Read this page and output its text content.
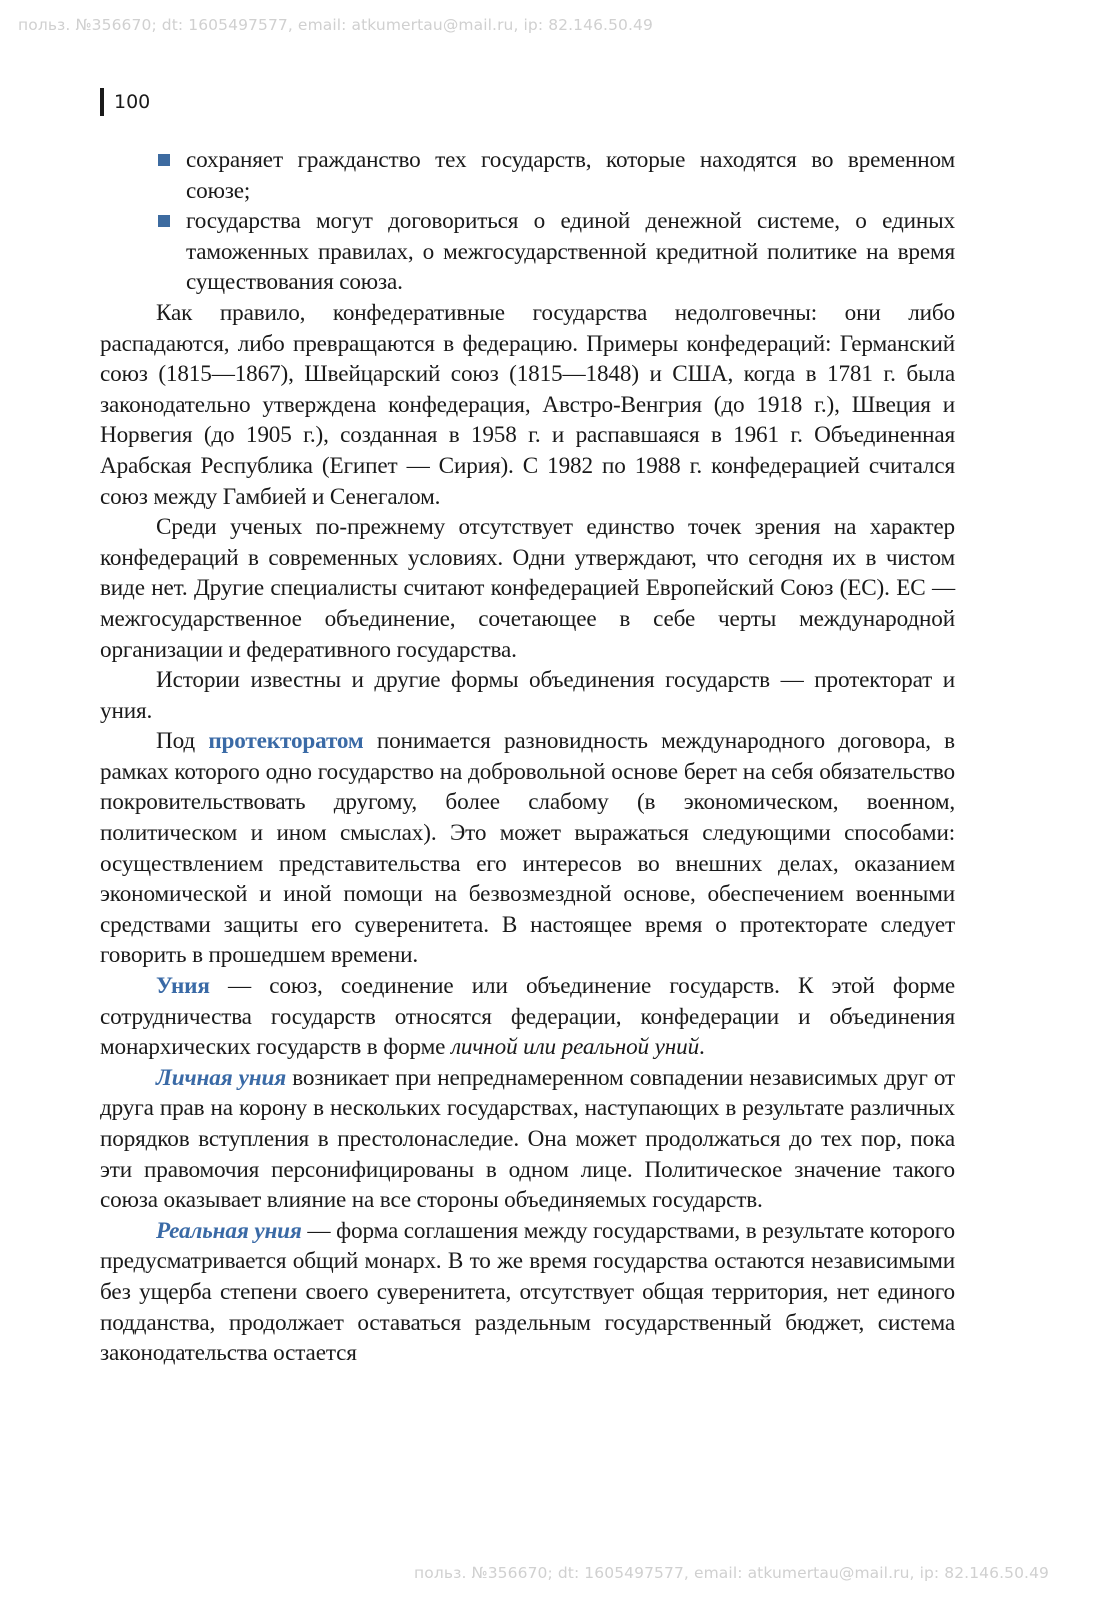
польз. №356670; dt: 1605497577, email: atkumertau@mail.ru, ip: 82.146.50.49
100
сохраняет гражданство тех государств, которые находятся во временном союзе;
государства могут договориться о единой денежной системе, о единых таможенных правилах, о межгосударственной кредитной политике на время существования союза.

Как правило, конфедеративные государства недолговечны: они либо распадаются, либо превращаются в федерацию. Примеры конфедераций: Германский союз (1815—1867), Швейцарский союз (1815—1848) и США, когда в 1781 г. была законодательно утверждена конфедерация, Австро-Венгрия (до 1918 г.), Швеция и Норвегия (до 1905 г.), созданная в 1958 г. и распавшаяся в 1961 г. Объединенная Арабская Республика (Египет — Сирия). С 1982 по 1988 г. конфедерацией считался союз между Гамбией и Сенегалом.

Среди ученых по-прежнему отсутствует единство точек зрения на характер конфедераций в современных условиях. Одни утверждают, что сегодня их в чистом виде нет. Другие специалисты считают конфедерацией Европейский Союз (ЕС). ЕС — межгосударственное объединение, сочетающее в себе черты международной организации и федеративного государства.

Истории известны и другие формы объединения государств — протекторат и уния.

Под протекторатом понимается разновидность международного договора, в рамках которого одно государство на добровольной основе берет на себя обязательство покровительствовать другому, более слабому (в экономическом, военном, политическом и ином смыслах). Это может выражаться следующими способами: осуществлением представительства его интересов во внешних делах, оказанием экономической и иной помощи на безвозмездной основе, обеспечением военными средствами защиты его суверенитета. В настоящее время о протекторате следует говорить в прошедшем времени.

Уния — союз, соединение или объединение государств. К этой форме сотрудничества государств относятся федерации, конфедерации и объединения монархических государств в форме личной или реальной уний.

Личная уния возникает при непреднамеренном совпадении независимых друг от друга прав на корону в нескольких государствах, наступающих в результате различных порядков вступления в престолонаследие. Она может продолжаться до тех пор, пока эти правомочия персонифицированы в одном лице. Политическое значение такого союза оказывает влияние на все стороны объединяемых государств.

Реальная уния — форма соглашения между государствами, в результате которого предусматривается общий монарх. В то же время государства остаются независимыми без ущерба степени своего суверенитета, отсутствует общая территория, нет единого подданства, продолжает оставаться раздельным государственный бюджет, система законодательства остается

польз. №356670; dt: 1605497577, email: atkumertau@mail.ru, ip: 82.146.50.49
